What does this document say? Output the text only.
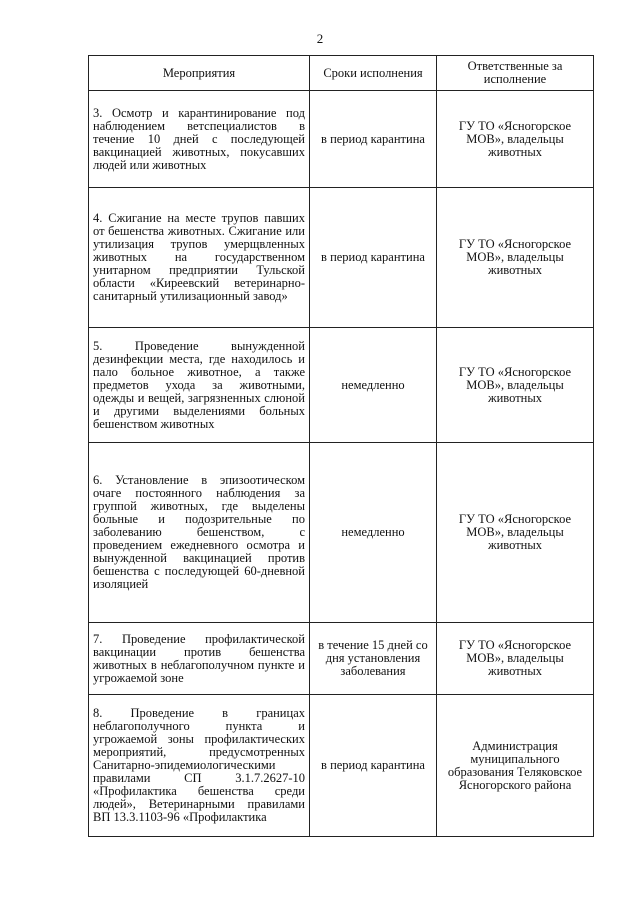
2
Мероприятия	Сроки исполнения	Ответственные за исполнение
3. Осмотр и карантинирование под наблюдением ветспециалистов в течение 10 дней с последующей вакцинацией животных, покусавших людей или животных	в период карантина	ГУ ТО «Ясногорское МОВ», владельцы животных
4. Сжигание на месте трупов павших от бешенства животных. Сжигание или утилизация трупов умерщвленных животных на государственном унитарном предприятии Тульской области «Киреевский ветеринарно-санитарный утилизационный завод»	в период карантина	ГУ ТО «Ясногорское МОВ», владельцы животных
5. Проведение вынужденной дезинфекции места, где находилось и пало больное животное, а также предметов ухода за животными, одежды и вещей, загрязненных слюной и другими выделениями больных бешенством животных	немедленно	ГУ ТО «Ясногорское МОВ», владельцы животных
6. Установление в эпизоотическом очаге постоянного наблюдения за группой животных, где выделены больные и подозрительные по заболеванию бешенством, с проведением ежедневного осмотра и вынужденной вакцинацией против бешенства с последующей 60-дневной изоляцией	немедленно	ГУ ТО «Ясногорское МОВ», владельцы животных
7. Проведение профилактической вакцинации против бешенства животных в неблагополучном пункте и угрожаемой зоне	в течение 15 дней со дня установления заболевания	ГУ ТО «Ясногорское МОВ», владельцы животных
8. Проведение в границах неблагополучного пункта и угрожаемой зоны профилактических мероприятий, предусмотренных Санитарно-эпидемиологическими правилами СП 3.1.7.2627-10 «Профилактика бешенства среди людей», Ветеринарными правилами ВП 13.3.1103-96 «Профилактика	в период карантина	Администрация муниципального образования Теляковское Ясногорского района
